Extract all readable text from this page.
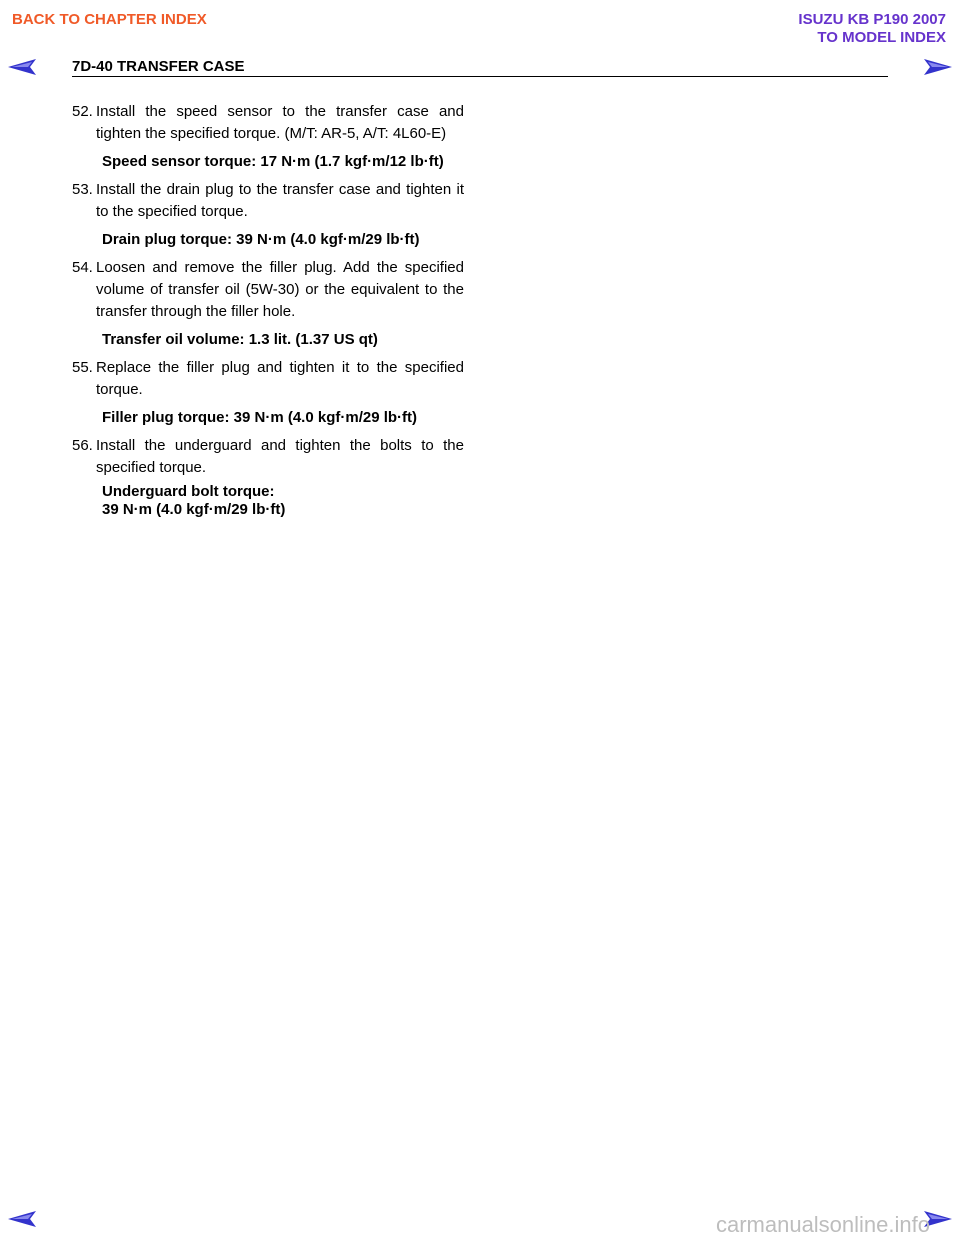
BACK TO CHAPTER INDEX	ISUZU KB P190 2007
TO MODEL INDEX
7D-40 TRANSFER CASE
52. Install the speed sensor to the transfer case and tighten the specified torque. (M/T: AR-5, A/T: 4L60-E)
Speed sensor torque: 17 N·m (1.7 kgf·m/12 lb·ft)
53. Install the drain plug to the transfer case and tighten it to the specified torque.
Drain plug torque: 39 N·m (4.0 kgf·m/29 lb·ft)
54. Loosen and remove the filler plug. Add the specified volume of transfer oil (5W-30) or the equivalent to the transfer through the filler hole.
Transfer oil volume: 1.3 lit. (1.37 US qt)
55. Replace the filler plug and tighten it to the specified torque.
Filler plug torque: 39 N·m (4.0 kgf·m/29 lb·ft)
56. Install the underguard and tighten the bolts to the specified torque.
Underguard bolt torque:
39 N·m (4.0 kgf·m/29 lb·ft)
carmanualsonline.info
